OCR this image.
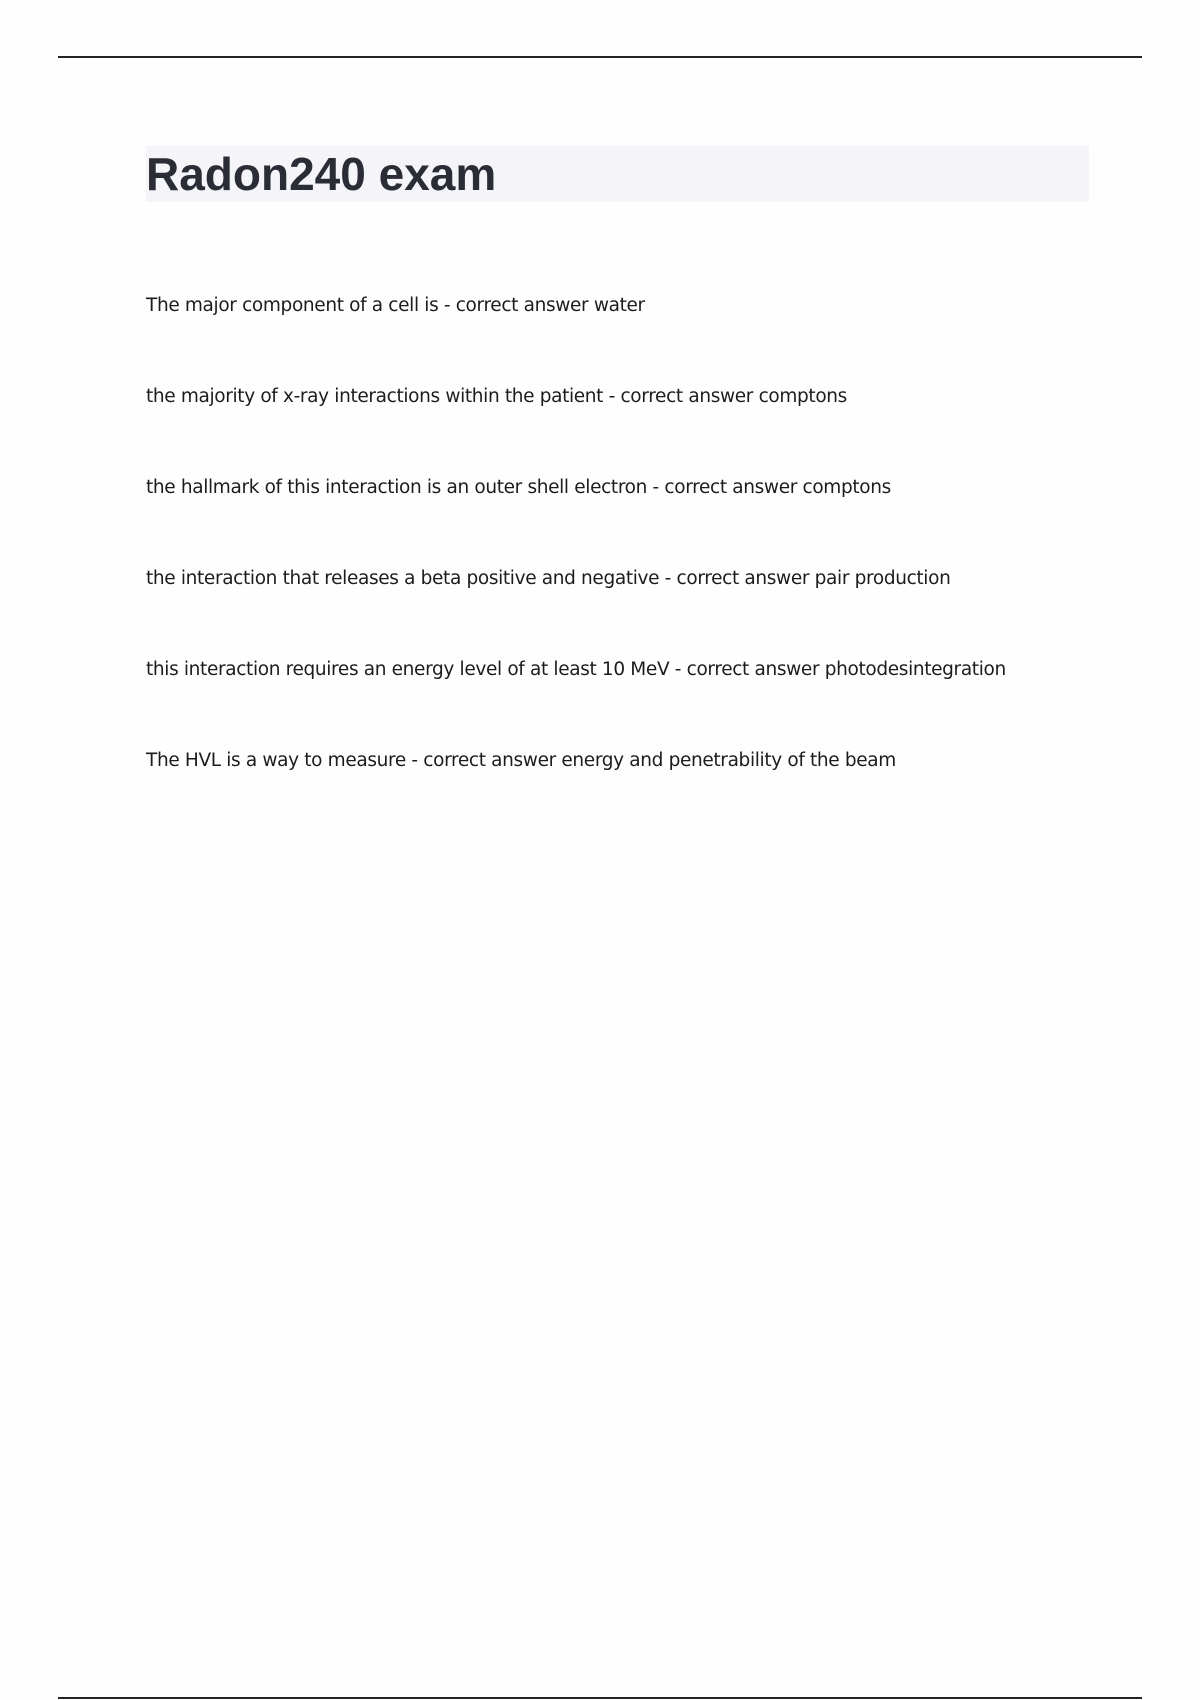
Radon240 exam
The major component of a cell is - correct answer water
the majority of x-ray interactions within the patient - correct answer comptons
the hallmark of this interaction is an outer shell electron - correct answer comptons
the interaction that releases a beta positive and negative - correct answer pair production
this interaction requires an energy level of at least 10 MeV - correct answer photodesintegration
The HVL is a way to measure - correct answer energy and penetrability of the beam
